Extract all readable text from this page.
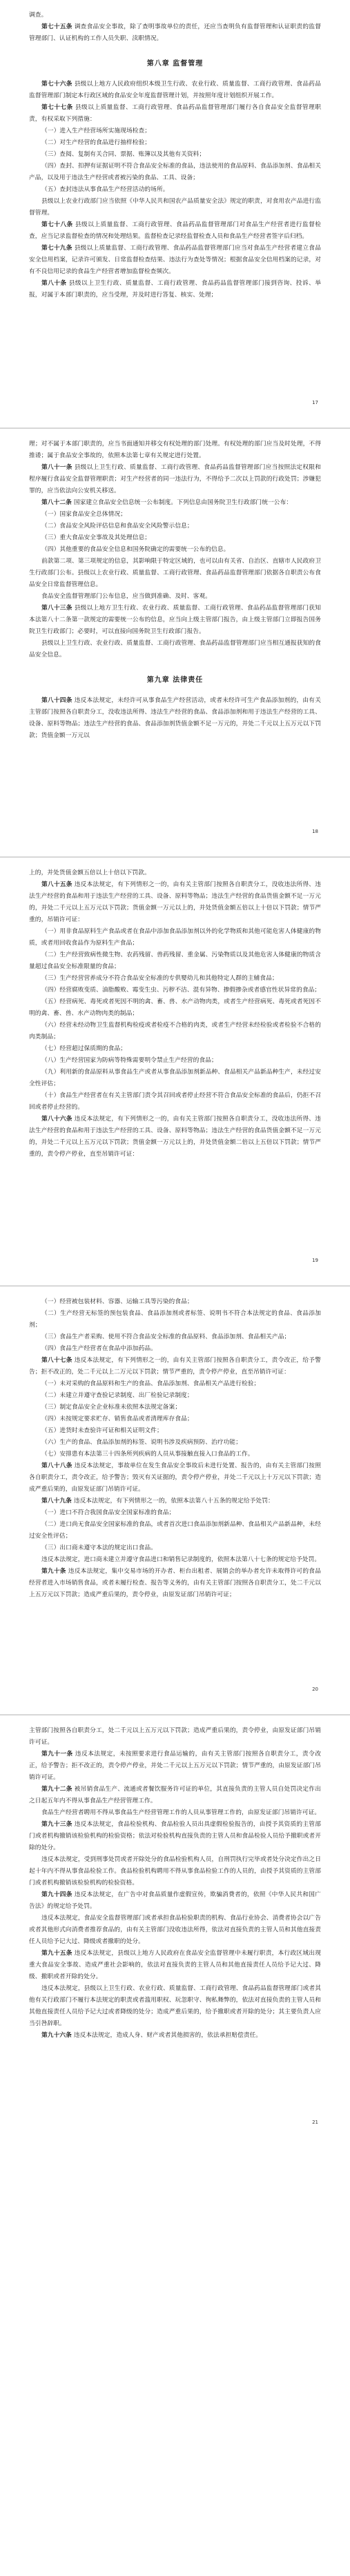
调查。

第七十五条 调查食品安全事故，除了查明事故单位的责任，还应当查明负有监督管理和认证职责的监督管理部门、认证机构的工作人员失职、渎职情况。

第八章 监督管理

第七十六条 县级以上地方人民政府组织本级卫生行政、农业行政、质量监督、工商行政管理、食品药品监督管理部门制定本行政区域的食品安全年度监督管理计划，并按照年度计划组织开展工作。

第七十七条 县级以上质量监督、工商行政管理、食品药品监督管理部门履行各自食品安全监督管理职责，有权采取下列措施：

（一）进入生产经营场所实施现场检查；

（二）对生产经营的食品进行抽样检验；

（三）查阅、复制有关合同、票据、账簿以及其他有关资料；

（四）查封、扣押有证据证明不符合食品安全标准的食品，违法使用的食品原料、食品添加剂、食品相关产品，以及用于违法生产经营或者被污染的食品、工具、设备；

（五）查封违法从事食品生产经营活动的场所。

县级以上农业行政部门应当依照《中华人民共和国农产品质量安全法》规定的职责，对食用农产品进行监督管理。

第七十八条 县级以上质量监督、工商行政管理、食品药品监督管理部门对食品生产经营者进行监督检查，应当记录监督检查的情况和处理结果。监督检查记录经监督检查人员和食品生产经营者签字后归档。

第七十九条 县级以上质量监督、工商行政管理、食品药品监督管理部门应当对食品生产经营者建立食品安全信用档案，记录许可颁发、日常监督检查结果、违法行为查处等情况；根据食品安全信用档案的记录，对有不良信用记录的食品生产经营者增加监督检查频次。

第八十条 县级以上卫生行政、质量监督、工商行政管理、食品药品监督管理部门接到咨询、投诉、举报，对属于本部门职责的，应当受理，并及时进行答复、核实、处理；

17

理；对不属于本部门职责的，应当书面通知并移交有权处理的部门处理。有权处理的部门应当及时处理，不得推诿；属于食品安全事故的，依照本法第七章有关规定进行处置。

第八十一条 县级以上卫生行政、质量监督、工商行政管理、食品药品监督管理部门应当按照法定权限和程序履行食品安全监督管理职责；对生产经营者的同一违法行为，不得给予二次以上罚款的行政处罚；涉嫌犯罪的，应当依法向公安机关移送。

第八十二条 国家建立食品安全信息统一公布制度。下列信息由国务院卫生行政部门统一公布：

（一）国家食品安全总体情况；

（二）食品安全风险评估信息和食品安全风险警示信息；

（三）重大食品安全事故及其处理信息；

（四）其他重要的食品安全信息和国务院确定的需要统一公布的信息。

前款第二项、第三项规定的信息，其影响限于特定区域的，也可以由有关省、自治区、直辖市人民政府卫生行政部门公布。县级以上农业行政、质量监督、工商行政管理、食品药品监督管理部门依据各自职责公布食品安全日常监督管理信息。

食品安全监督管理部门公布信息，应当做到准确、及时、客观。

第八十三条 县级以上地方卫生行政、农业行政、质量监督、工商行政管理、食品药品监督管理部门获知本法第八十二条第一款规定的需要统一公布的信息，应当向上级主管部门报告，由上级主管部门立即报告国务院卫生行政部门；必要时，可以直接向国务院卫生行政部门报告。

县级以上卫生行政、农业行政、质量监督、工商行政管理、食品药品监督管理部门应当相互通报获知的食品安全信息。

第九章 法律责任

第八十四条 违反本法规定，未经许可从事食品生产经营活动，或者未经许可生产食品添加剂的，由有关主管部门按照各自职责分工，没收违法所得、违法生产经营的食品、食品添加剂和用于违法生产经营的工具、设备、原料等物品；违法生产经营的食品、食品添加剂货值金额不足一万元的，并处二千元以上五万元以下罚款；货值金额一万元以

18

上的，并处货值金额五倍以上十倍以下罚款。

第八十五条 违反本法规定，有下列情形之一的，由有关主管部门按照各自职责分工，没收违法所得、违法生产经营的食品和用于违法生产经营的工具、设备、原料等物品；违法生产经营的食品货值金额不足一万元的，并处二千元以上五万元以下罚款；货值金额一万元以上的，并处货值金额五倍以上十倍以下罚款；情节严重的，吊销许可证：

（一）用非食品原料生产食品或者在食品中添加食品添加剂以外的化学物质和其他可能危害人体健康的物质，或者用回收食品作为原料生产食品；

（二）生产经营致病性微生物、农药残留、兽药残留、重金属、污染物质以及其他危害人体健康的物质含量超过食品安全标准限量的食品；

（三）生产经营营养成分不符合食品安全标准的专供婴幼儿和其他特定人群的主辅食品；

（四）经营腐败变质、油脂酸败、霉变生虫、污秽不洁、混有异物、掺假掺杂或者感官性状异常的食品；

（五）经营病死、毒死或者死因不明的禽、畜、兽、水产动物肉类，或者生产经营病死、毒死或者死因不明的禽、畜、兽、水产动物肉类的制品；

（六）经营未经动物卫生监督机构检疫或者检疫不合格的肉类，或者生产经营未经检验或者检验不合格的肉类制品；

（七）经营超过保质期的食品；

（八）生产经营国家为防病等特殊需要明令禁止生产经营的食品；

（九）利用新的食品原料从事食品生产或者从事食品添加剂新品种、食品相关产品新品种生产，未经过安全性评估；

（十）食品生产经营者在有关主管部门责令其召回或者停止经营不符合食品安全标准的食品后，仍拒不召回或者停止经营的。

第八十六条 违反本法规定，有下列情形之一的，由有关主管部门按照各自职责分工，没收违法所得、违法生产经营的食品和用于违法生产经营的工具、设备、原料等物品；违法生产经营的食品货值金额不足一万元的，并处二千元以上五万元以下罚款；货值金额一万元以上的，并处货值金额二倍以上五倍以下罚款；情节严重的，责令停产停业，直至吊销许可证：

19

（一）经营被包装材料、容器、运输工具等污染的食品；

（二）生产经营无标签的预包装食品、食品添加剂或者标签、说明书不符合本法规定的食品、食品添加剂；

（三）食品生产者采购、使用不符合食品安全标准的食品原料、食品添加剂、食品相关产品；

（四）食品生产经营者在食品中添加药品。

第八十七条 违反本法规定，有下列情形之一的，由有关主管部门按照各自职责分工，责令改正，给予警告；拒不改正的，处二千元以上二万元以下罚款；情节严重的，责令停产停业，直至吊销许可证：

（一）未对采购的食品原料和生产的食品、食品添加剂、食品相关产品进行检验；

（二）未建立并遵守查验记录制度、出厂检验记录制度；

（三）制定食品安全企业标准未依照本法规定备案；

（四）未按规定要求贮存、销售食品或者清理库存食品；

（五）进货时未查验许可证和相关证明文件；

（六）生产的食品、食品添加剂的标签、说明书涉及疾病预防、治疗功能；

（七）安排患有本法第三十四条所列疾病的人员从事接触直接入口食品的工作。

第八十八条 违反本法规定，事故单位在发生食品安全事故后未进行处置、报告的，由有关主管部门按照各自职责分工，责令改正，给予警告；毁灭有关证据的，责令停产停业，并处二千元以上十万元以下罚款；造成严重后果的，由原发证部门吊销许可证。

第八十九条 违反本法规定，有下列情形之一的，依照本法第八十五条的规定给予处罚：

（一）进口不符合我国食品安全国家标准的食品；

（二）进口尚无食品安全国家标准的食品，或者首次进口食品添加剂新品种、食品相关产品新品种，未经过安全性评估；

（三）出口商未遵守本法的规定出口食品。

违反本法规定，进口商未建立并遵守食品进口和销售记录制度的，依照本法第八十七条的规定给予处罚。

第九十条 违反本法规定，集中交易市场的开办者、柜台出租者、展销会的举办者允许未取得许可的食品经营者进入市场销售食品，或者未履行检查、报告等义务的，由有关主管部门按照各自职责分工，处二千元以上五万元以下罚款；造成严重后果的，责令停业，由原发证部门吊销许可证；

20

主管部门按照各自职责分工，处二千元以上五万元以下罚款；造成严重后果的，责令停业，由原发证部门吊销许可证。

第九十一条 违反本法规定，未按照要求进行食品运输的，由有关主管部门按照各自职责分工，责令改正，给予警告；拒不改正的，责令停产停业，并处二千元以上五万元以下罚款；情节严重的，由原发证部门吊销许可证。

第九十二条 被吊销食品生产、流通或者餐饮服务许可证的单位，其直接负责的主管人员自处罚决定作出之日起五年内不得从事食品生产经营管理工作。

食品生产经营者聘用不得从事食品生产经营管理工作的人员从事管理工作的，由原发证部门吊销许可证。

第九十三条 违反本法规定，食品检验机构、食品检验人员出具虚假检验报告的，由授予其资质的主管部门或者机构撤销该检验机构的检验资格；依法对检验机构直接负责的主管人员和食品检验人员给予撤职或者开除的处分。

违反本法规定，受到刑事处罚或者开除处分的食品检验机构人员，自刑罚执行完毕或者处分决定作出之日起十年内不得从事食品检验工作。食品检验机构聘用不得从事食品检验工作的人员的，由授予其资质的主管部门或者机构撤销该检验机构的检验资格。

第九十四条 违反本法规定，在广告中对食品质量作虚假宣传，欺骗消费者的，依照《中华人民共和国广告法》的规定给予处罚。

违反本法规定，食品安全监督管理部门或者承担食品检验职责的机构、食品行业协会、消费者协会以广告或者其他形式向消费者推荐食品的，由有关主管部门没收违法所得，依法对直接负责的主管人员和其他直接责任人员给予记大过、降级或者撤职的处分。

第九十五条 违反本法规定，县级以上地方人民政府在食品安全监督管理中未履行职责，本行政区域出现重大食品安全事故、造成严重社会影响的，依法对直接负责的主管人员和其他直接责任人员给予记大过、降级、撤职或者开除的处分。

违反本法规定，县级以上卫生行政、农业行政、质量监督、工商行政管理、食品药品监督管理部门或者其他有关行政部门不履行本法规定的职责或者滥用职权、玩忽职守、徇私舞弊的，依法对直接负责的主管人员和其他直接责任人员给予记大过或者降级的处分；造成严重后果的，给予撤职或者开除的处分；其主要负责人应当引咎辞职。

第九十六条 违反本法规定，造成人身、财产或者其他损害的，依法承担赔偿责任。

21
